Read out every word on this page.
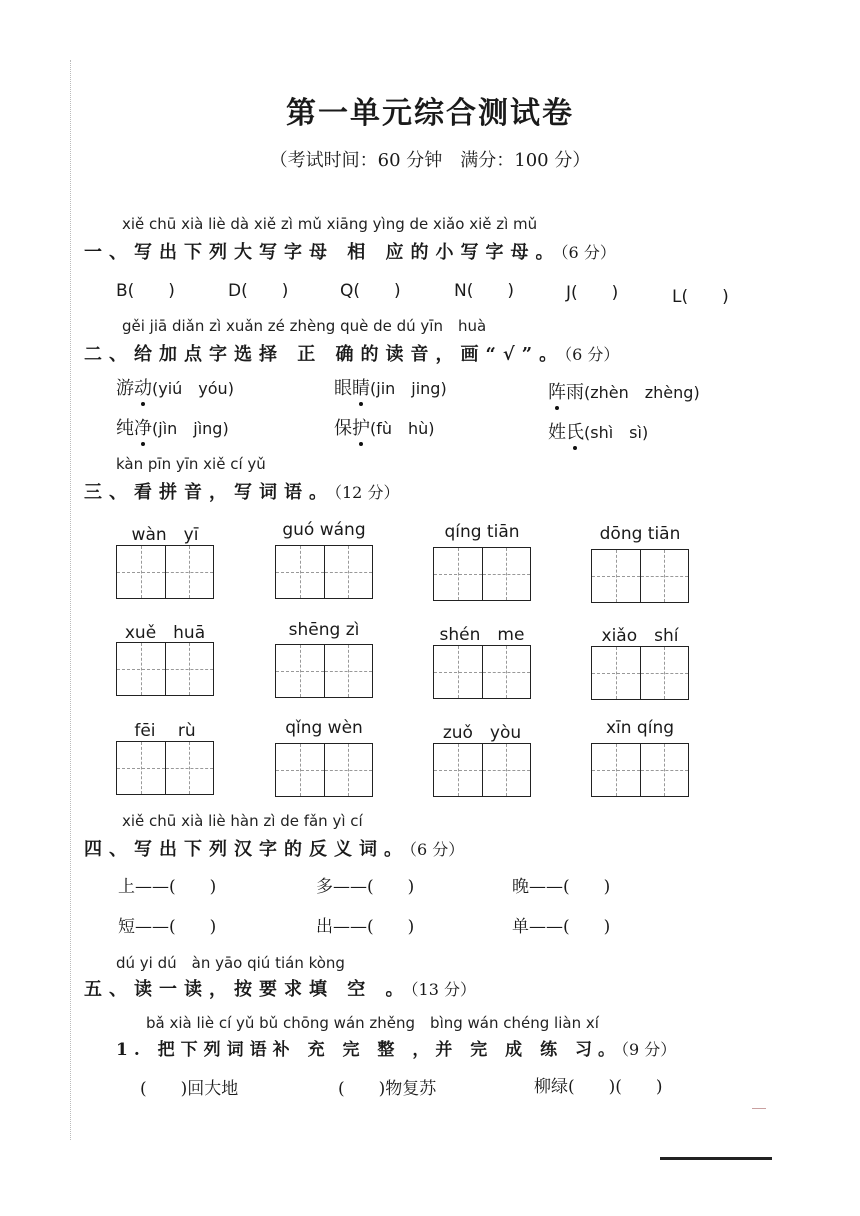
第一单元综合测试卷
（考试时间：60 分钟　满分：100 分）
xiě chū xià liè dà xiě zì mǔ xiāng yìng de xiǎo xiě zì mǔ
一、写出下列大写字母 相 应的小写字母。（6 分）
B(　　)	D(　　)	Q(　　)	N(　　)	J(　　)	L(　　)
gěi jiā diǎn zì xuǎn zé zhèng què de dú yīn　huà
二、给加点字选择 正 确的读音，画“√”。（6 分）
游动(yiú　yóu)	眼睛(jin　jing)	阵雨(zhèn　zhèng)
纯净(jìn　jìng)	保护(fù　hù)	姓氏(shì　sì)
kàn pīn yīn xiě cí yǔ
三、看拼音，写词语。（12 分）
wàn　yī	guó wáng	qíng tiān	dōng tiān
xuě　huā	shēng zì	shén　me	xiǎo　shí
fēi　 rù	qǐng wèn	zuǒ　yòu	xīn qíng
xiě chū xià liè hàn zì de fǎn yì cí
四、写出下列汉字的反义词。（6 分）
上——(　　)	多——(　　)	晚——(　　)
短——(　　)	出——(　　)	单——(　　)
dú yi dú　àn yāo qiú tián kòng
五、读一读，按要求填 空 。（13 分）
bǎ xià liè cí yǔ bǔ chōng wán zhěng　bìng wán chéng liàn xí
1. 把下列词语补 充 完 整 ，并 完 成 练 习。（9 分）
(　　)回大地	(　　)物复苏	柳绿(　　)(　　)
